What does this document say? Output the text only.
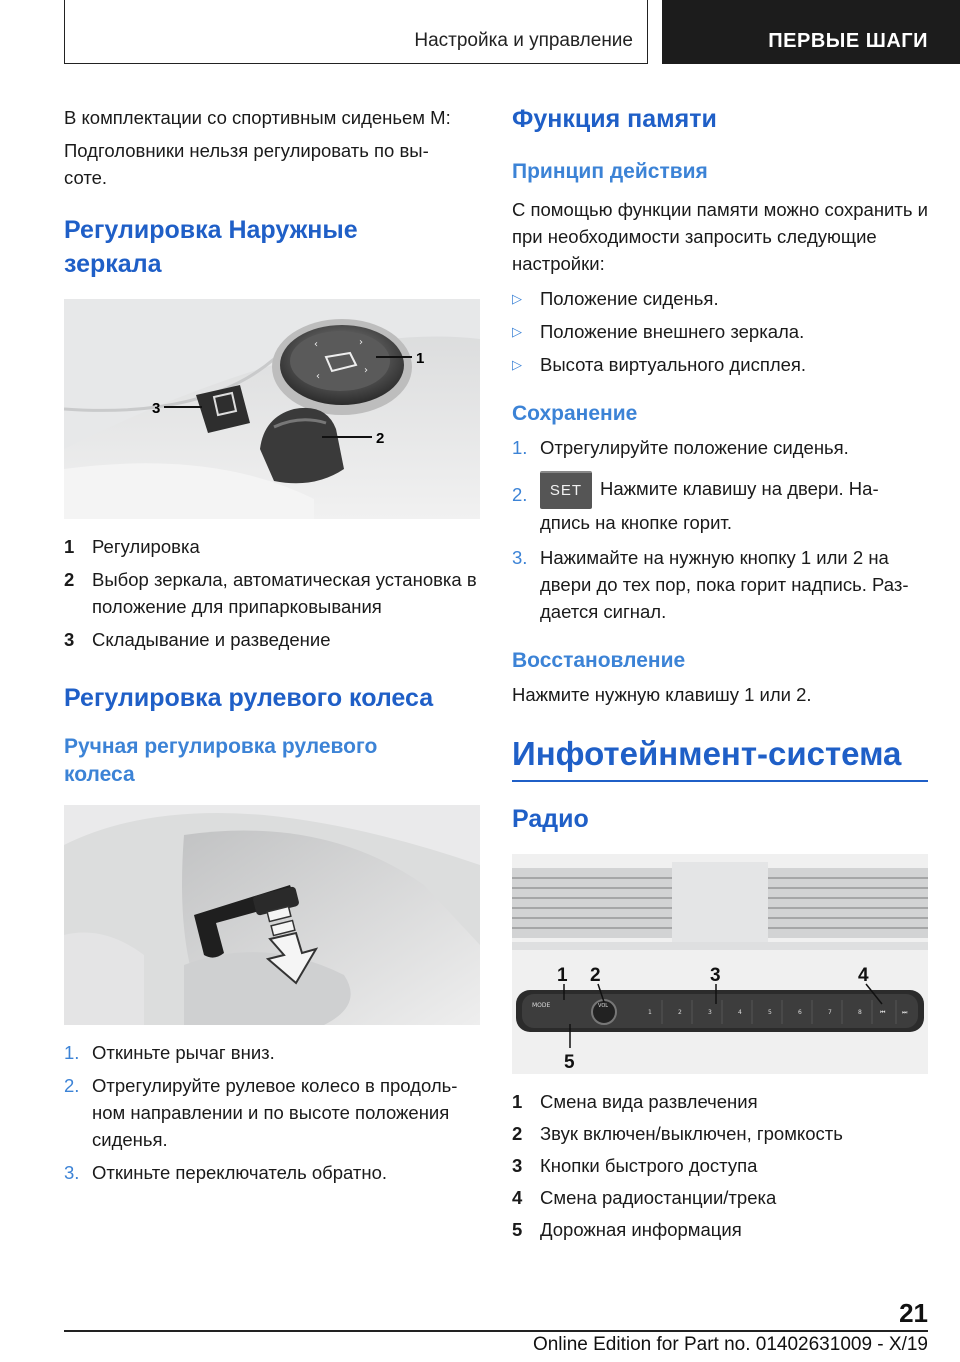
Настройка и управление	ПЕРВЫЕ ШАГИ

В комплектации со спортивным сиденьем M:

Подголовники нельзя регулировать по вы-
соте.

Регулировка Наружные зеркала
‹	›
‹
›
1
2
3
1 Регулировка
2 Выбор зеркала, автоматическая установка в положение для припарковывания
3 Складывание и разведение
Регулировка рулевого колеса
Ручная регулировка рулевого колеса
1. Откиньте рычаг вниз.
2. Отрегулируйте рулевое колесо в продоль-ном направлении и по высоте положения сиденья.
3. Откиньте переключатель обратно.
Функция памяти
Принцип действия

С помощью функции памяти можно сохранить и при необходимости запросить следующие настройки:

▷ Положение сиденья.
▷ Положение внешнего зеркала.
▷ Высота виртуального дисплея.
Сохранение
1. Отрегулируйте положение сиденья.
2.	SET Нажмите клавишу на двери. На-дпись на кнопке горит.
3. Нажимайте на нужную кнопку 1 или 2 на двери до тех пор, пока горит надпись. Раз-дается сигнал.
Восстановление

Нажмите нужную клавишу 1 или 2.

Инфотейнмент-система
Радио
MODE	VOL
1	2	3	4	5	6	7	8	⏮	⏭
1 2	3	4
5
1 Смена вида развлечения
2 Звук включен/выключен, громкость
3 Кнопки быстрого доступа
4 Смена радиостанции/трека
5 Дорожная информация
21
Online Edition for Part no. 01402631009 - X/19
